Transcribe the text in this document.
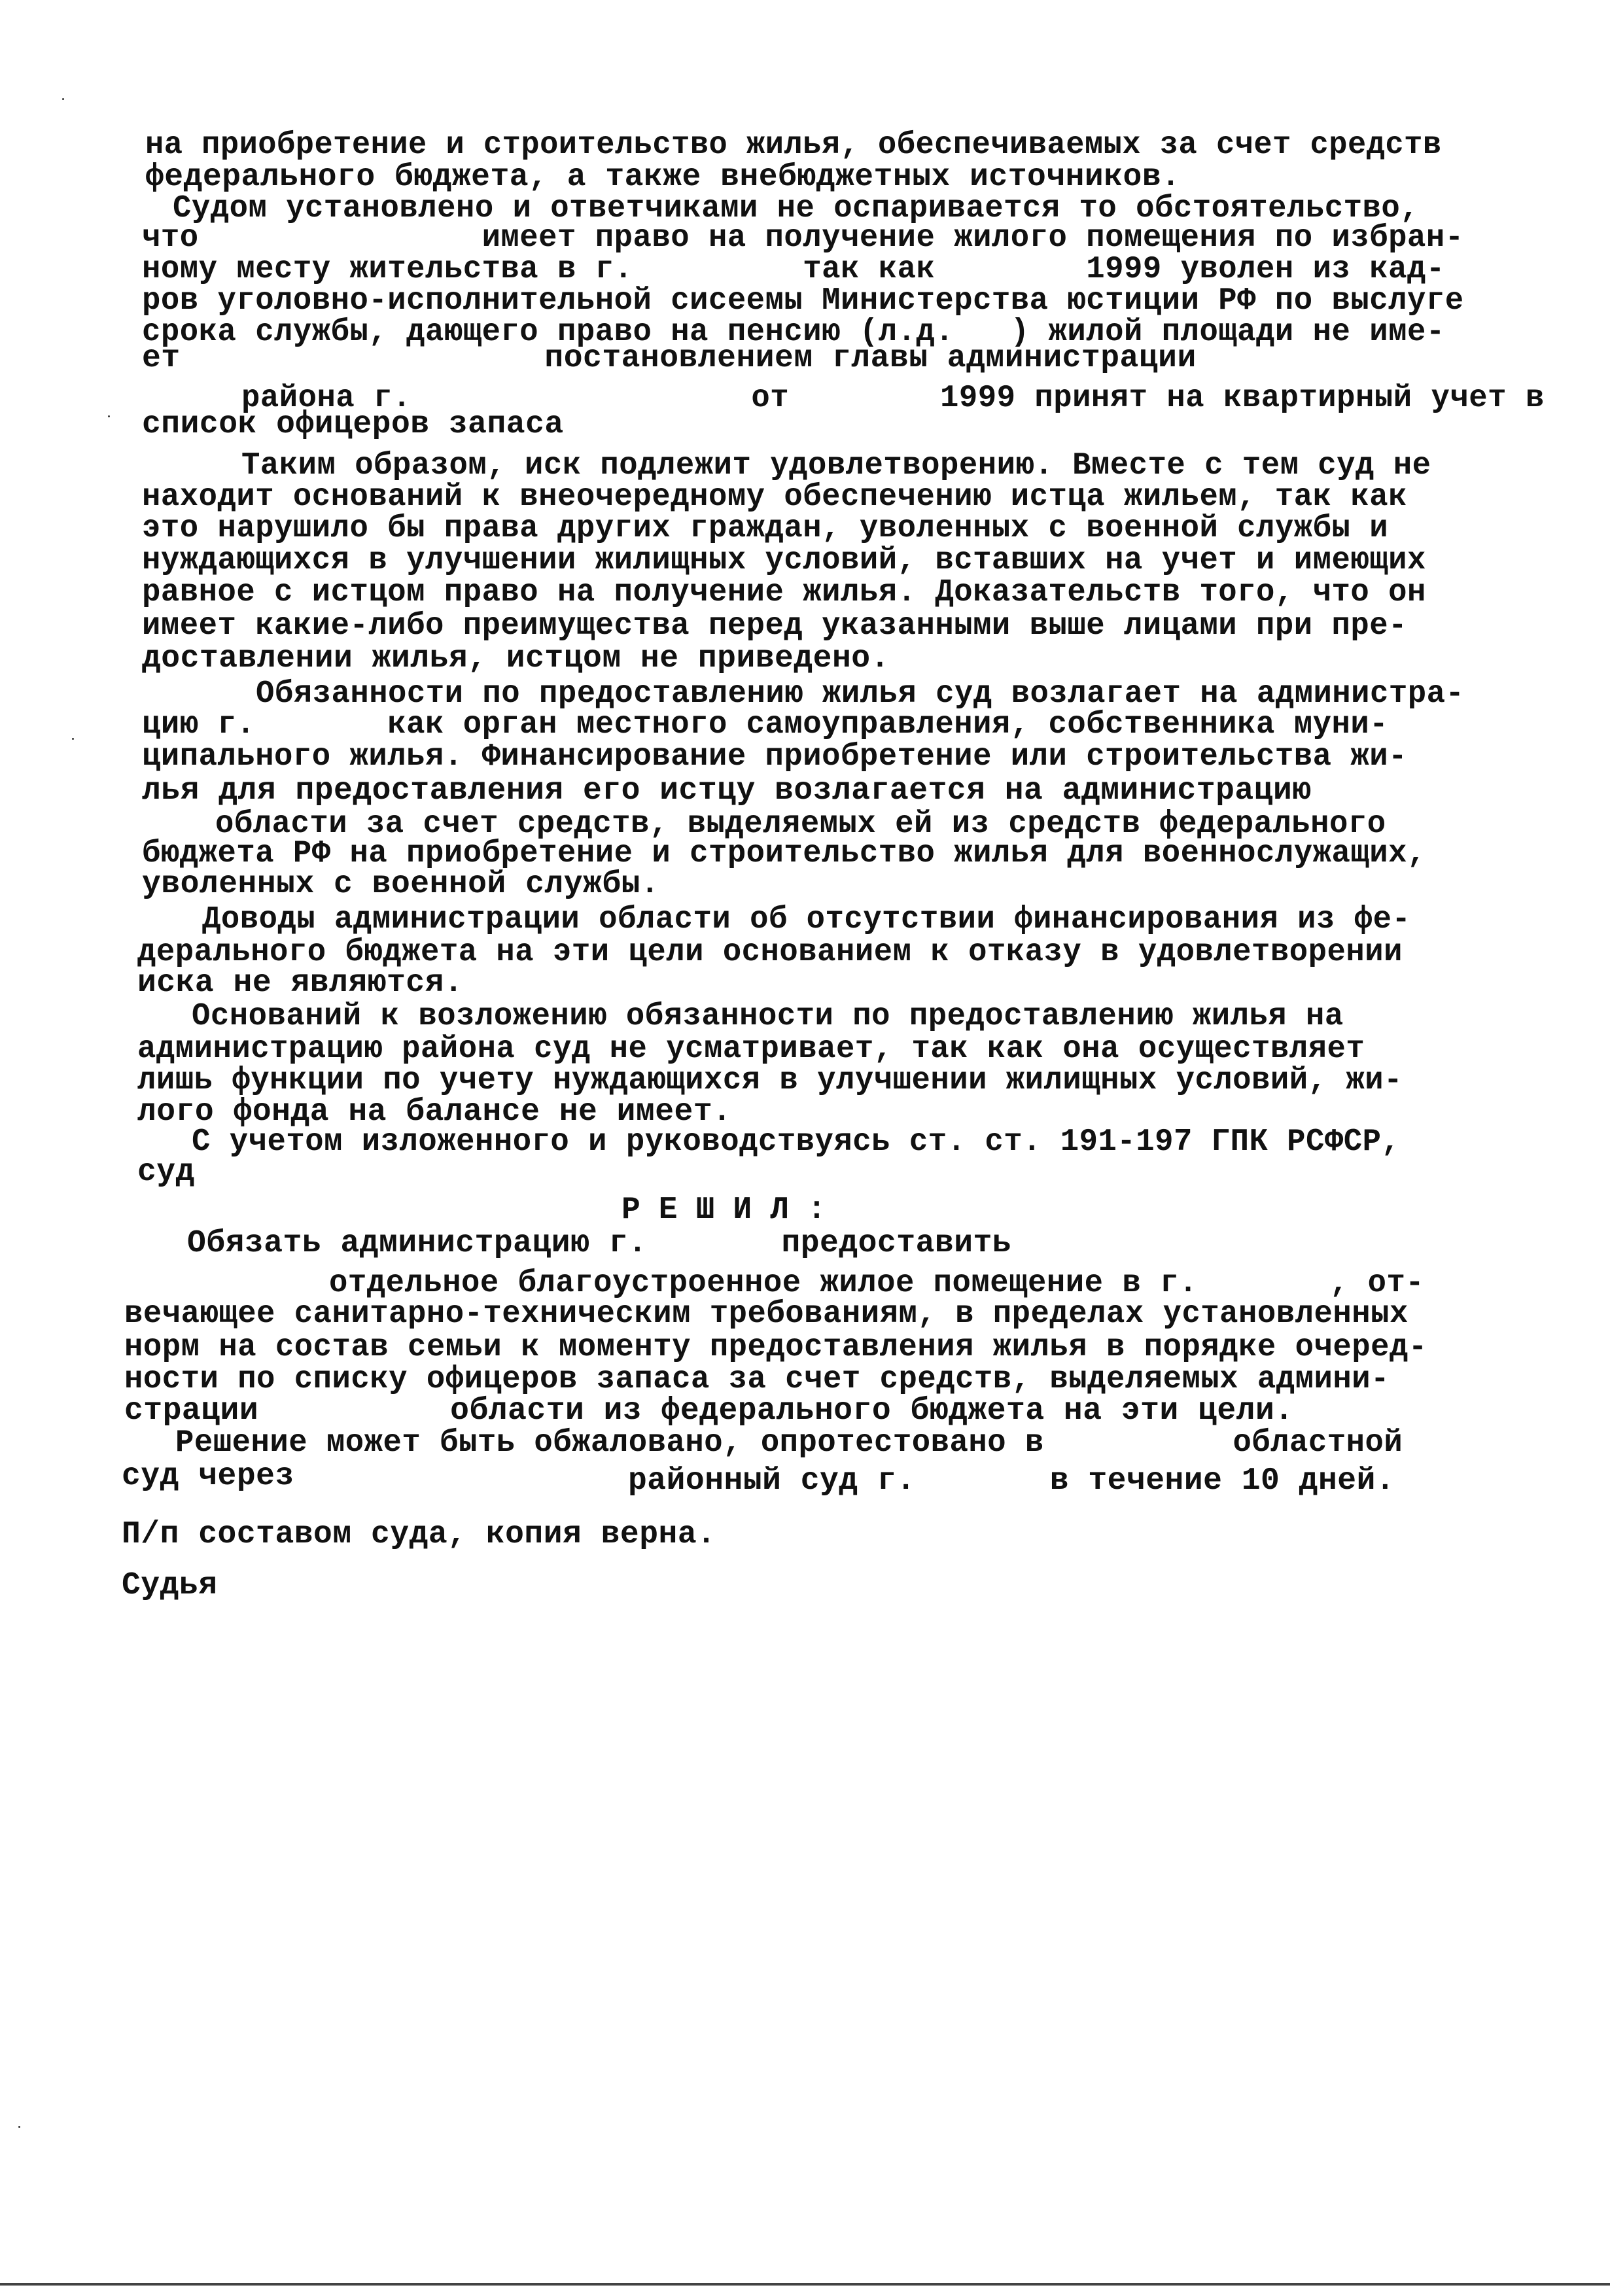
на приобретение и строительство жилья, обеспечиваемых за счет средств
федерального бюджета, а также внебюджетных источников.
Судом установлено и ответчиками не оспаривается то обстоятельство,
что               имеет право на получение жилого помещения по избран-
ному месту жительства в г.         так как        1999 уволен из кад-
ров уголовно-исполнительной сисeемы Министерства юстиции РФ по выслуге
срока службы, дающего право на пенсию (л.д.   ) жилой площади не име-
ет                   постановлением главы администрации
района г.                  от        1999 принят на квартирный учет в
список офицеров запаса
Таким образом, иск подлежит удовлетворению. Вместе с тем суд не
находит оснований к внеочередному обеспечению истца жильем, так как
это нарушило бы права других граждан, уволенных с военной службы и
нуждающихся в улучшении жилищных условий, вставших на учет и имеющих
равное с истцом право на получение жилья. Доказательств того, что он
имеет какие-либо преимущества перед указанными выше лицами при пре-
доставлении жилья, истцом не приведено.
Обязанности по предоставлению жилья суд возлагает на администра-
цию г.       как орган местного самоуправления, собственника муни-
ципального жилья. Финансирование приобретение или строительства жи-
лья для предоставления его истцу возлагается на администрацию
области за счет средств, выделяемых ей из средств федерального
бюджета РФ на приобретение и строительство жилья для военнослужащих,
уволенных с военной службы.
Доводы администрации области об отсутствии финансирования из фе-
дерального бюджета на эти цели основанием к отказу в удовлетворении
иска не являются.
Оснований к возложению обязанности по предоставлению жилья на
администрацию района суд не усматривает, так как она осуществляет
лишь функции по учету нуждающихся в улучшении жилищных условий, жи-
лого фонда на балансе не имеет.
С учетом изложенного и руководствуясь ст. ст. 191-197 ГПК РСФСР,
суд
РЕШИЛ:
Обязать администрацию г.       предоставить
отдельное благоустроенное жилое помещение в г.       , от-
вечающее санитарно-техническим требованиям, в пределах установленных
норм на состав семьи к моменту предоставления жилья в порядке очеред-
ности по списку офицеров запаса за счет средств, выделяемых админи-
страции          области из федерального бюджета на эти цели.
Решение может быть обжаловано, опротестовано в          областной
суд через	районный суд г.       в течение 10 дней.
П/п составом суда, копия верна.
Судья
